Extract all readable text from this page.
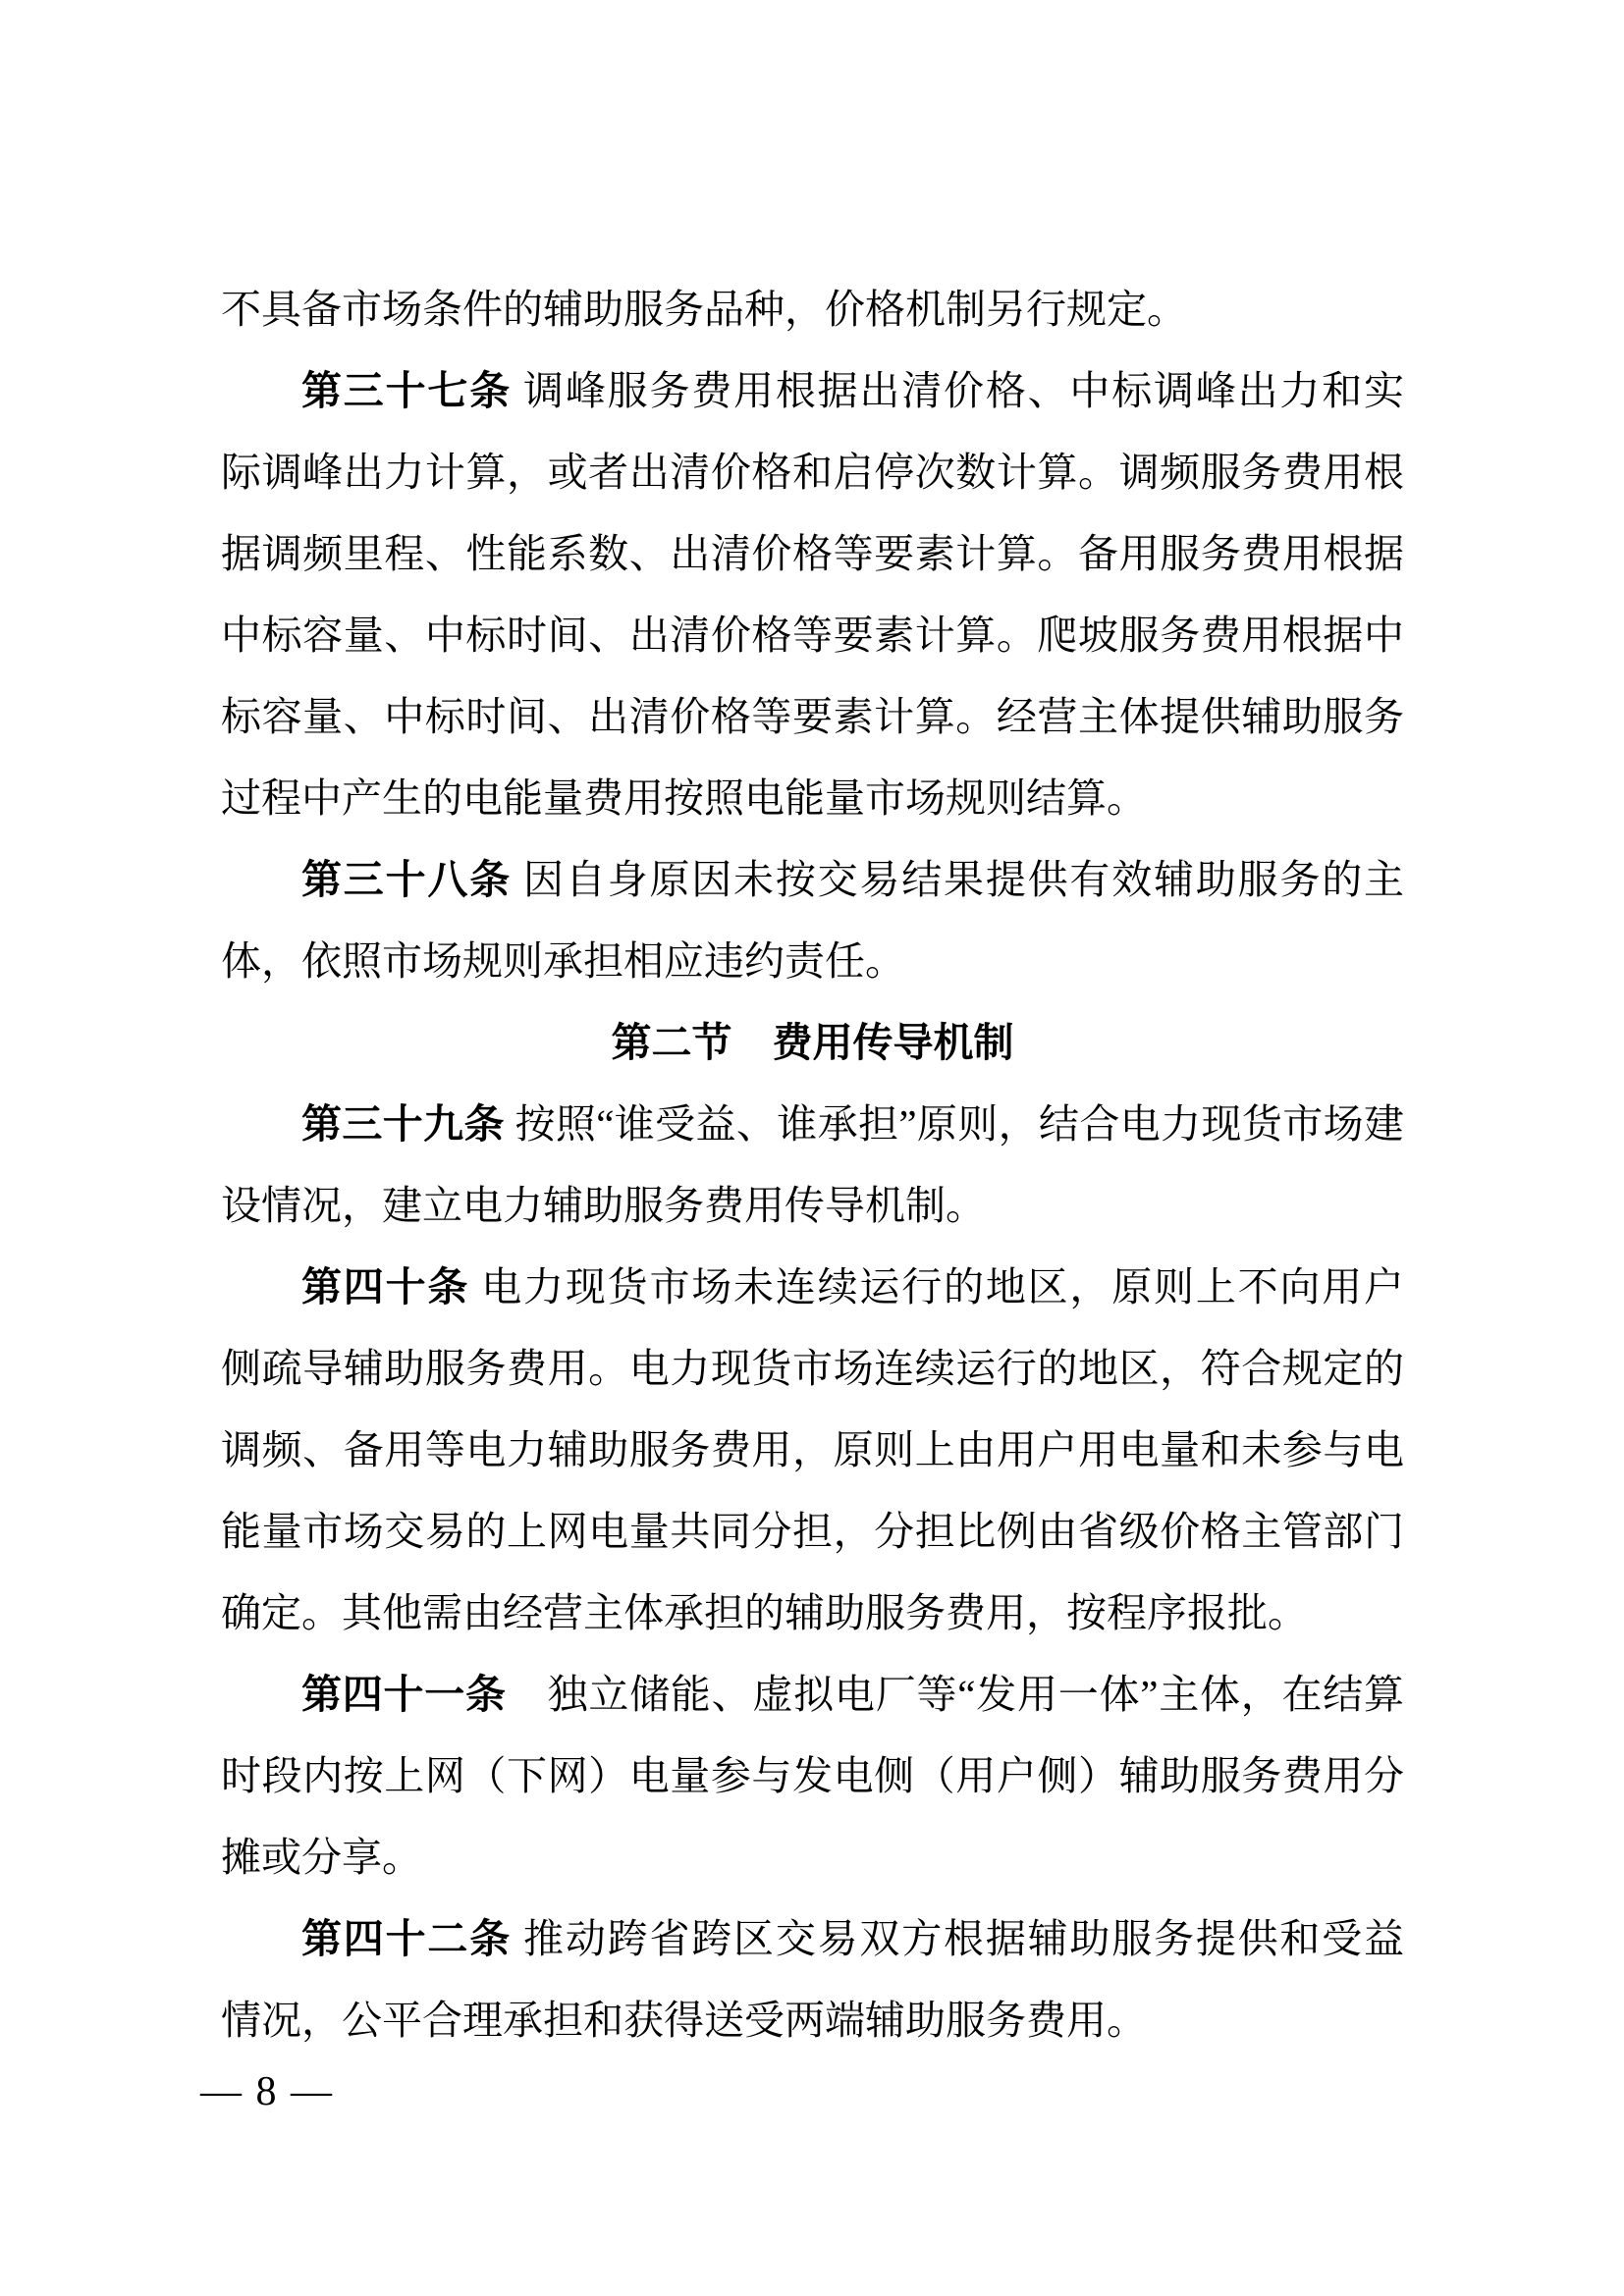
不具备市场条件的辅助服务品种，价格机制另行规定。
第三十七条 调峰服务费用根据出清价格、中标调峰出力和实
际调峰出力计算，或者出清价格和启停次数计算。调频服务费用根
据调频里程、性能系数、出清价格等要素计算。备用服务费用根据
中标容量、中标时间、出清价格等要素计算。爬坡服务费用根据中
标容量、中标时间、出清价格等要素计算。经营主体提供辅助服务
过程中产生的电能量费用按照电能量市场规则结算。
第三十八条 因自身原因未按交易结果提供有效辅助服务的主
体，依照市场规则承担相应违约责任。
第二节　费用传导机制
第三十九条 按照“谁受益、谁承担”原则，结合电力现货市场建
设情况，建立电力辅助服务费用传导机制。
第四十条 电力现货市场未连续运行的地区，原则上不向用户
侧疏导辅助服务费用。电力现货市场连续运行的地区，符合规定的
调频、备用等电力辅助服务费用，原则上由用户用电量和未参与电
能量市场交易的上网电量共同分担，分担比例由省级价格主管部门
确定。其他需由经营主体承担的辅助服务费用，按程序报批。
第四十一条　独立储能、虚拟电厂等“发用一体”主体，在结算
时段内按上网（下网）电量参与发电侧（用户侧）辅助服务费用分
摊或分享。
第四十二条 推动跨省跨区交易双方根据辅助服务提供和受益
情况，公平合理承担和获得送受两端辅助服务费用。
— 8 —
